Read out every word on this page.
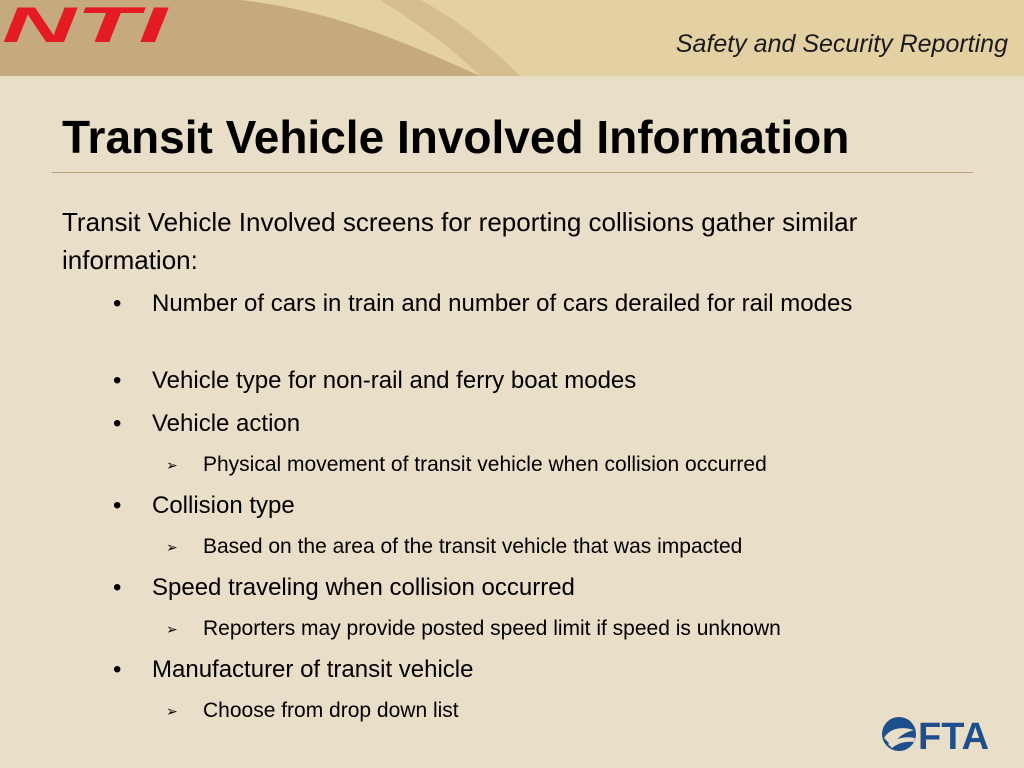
NTI	Safety and Security Reporting
Transit Vehicle Involved Information
Transit Vehicle Involved screens for reporting collisions gather similar information:
•	Number of cars in train and number of cars derailed for rail modes
•	Vehicle type for non-rail and ferry boat modes
•	Vehicle action
➢ Physical movement of transit vehicle when collision occurred
•	Collision type
➢ Based on the area of the transit vehicle that was impacted
•	Speed traveling when collision occurred
➢ Reporters may provide posted speed limit if speed is unknown
•	Manufacturer of transit vehicle
➢ Choose from drop down list
FTA
